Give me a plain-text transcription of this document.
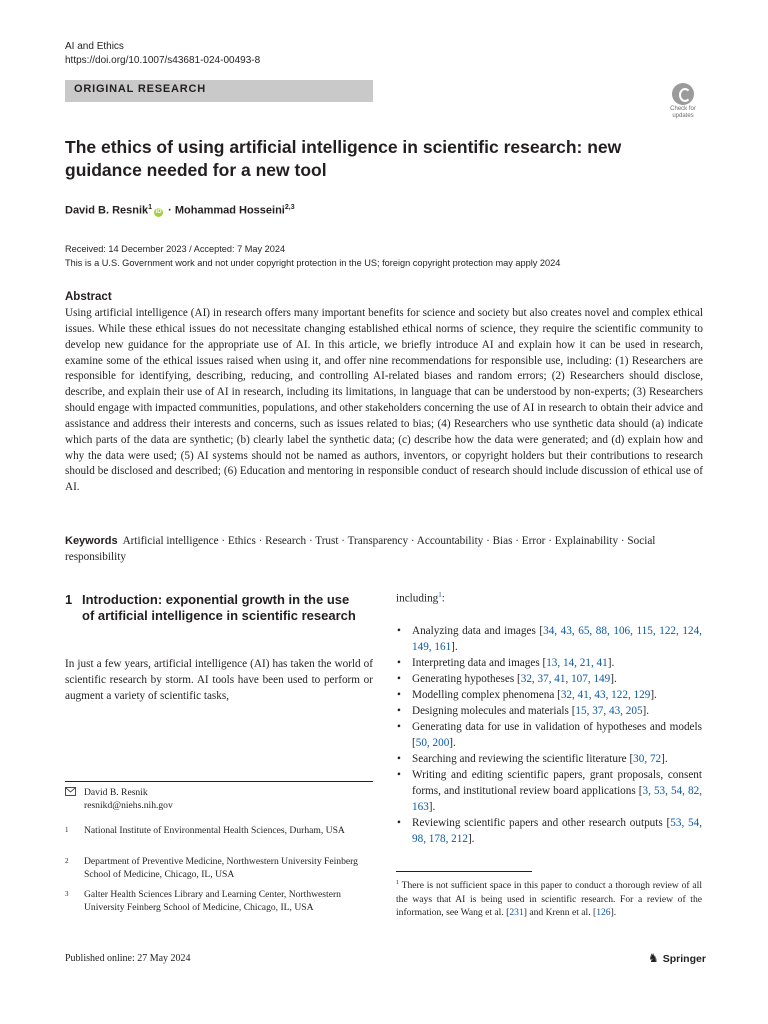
AI and Ethics
https://doi.org/10.1007/s43681-024-00493-8
ORIGINAL RESEARCH
Check for updates
The ethics of using artificial intelligence in scientific research: new guidance needed for a new tool
David B. Resnik$^1$iD · Mohammad Hosseini$^{2,3}$
Received: 14 December 2023 / Accepted: 7 May 2024
This is a U.S. Government work and not under copyright protection in the US; foreign copyright protection may apply 2024
Abstract
Using artificial intelligence (AI) in research offers many important benefits for science and society but also creates novel and complex ethical issues. While these ethical issues do not necessitate changing established ethical norms of science, they require the scientific community to develop new guidance for the appropriate use of AI. In this article, we briefly introduce AI and explain how it can be used in research, examine some of the ethical issues raised when using it, and offer nine recommendations for responsible use, including: (1) Researchers are responsible for identifying, describing, reducing, and controlling AI-related biases and random errors; (2) Researchers should disclose, describe, and explain their use of AI in research, including its limitations, in language that can be understood by non-experts; (3) Researchers should engage with impacted communities, populations, and other stakeholders concerning the use of AI in research to obtain their advice and assistance and address their interests and concerns, such as issues related to bias; (4) Researchers who use synthetic data should (a) indicate which parts of the data are synthetic; (b) clearly label the synthetic data; (c) describe how the data were generated; and (d) explain how and why the data were used; (5) AI systems should not be named as authors, inventors, or copyright holders but their contributions to research should be disclosed and described; (6) Education and mentoring in responsible conduct of research should include discussion of ethical use of AI.
Keywords Artificial intelligence · Ethics · Research · Trust · Transparency · Accountability · Bias · Error · Explainability · Social responsibility
1 Introduction: exponential growth in the use of artificial intelligence in scientific research
In just a few years, artificial intelligence (AI) has taken the world of scientific research by storm. AI tools have been used to perform or augment a variety of scientific tasks,
including$^1$:
• Analyzing data and images [34, 43, 65, 88, 106, 115, 122, 124, 149, 161].
• Interpreting data and images [13, 14, 21, 41].
• Generating hypotheses [32, 37, 41, 107, 149].
• Modelling complex phenomena [32, 41, 43, 122, 129].
• Designing molecules and materials [15, 37, 43, 205].
• Generating data for use in validation of hypotheses and models [50, 200].
• Searching and reviewing the scientific literature [30, 72].
• Writing and editing scientific papers, grant proposals, consent forms, and institutional review board applications [3, 53, 54, 82, 163].
• Reviewing scientific papers and other research outputs [53, 54, 98, 178, 212].
David B. Resnik
resnikd@niehs.nih.gov
1 National Institute of Environmental Health Sciences, Durham, USA
2 Department of Preventive Medicine, Northwestern University Feinberg School of Medicine, Chicago, IL, USA
3 Galter Health Sciences Library and Learning Center, Northwestern University Feinberg School of Medicine, Chicago, IL, USA
$^1$ There is not sufficient space in this paper to conduct a thorough review of all the ways that AI is being used in scientific research. For a review of the information, see Wang et al. [231] and Krenn et al. [126].
Published online: 27 May 2024	♞ Springer
